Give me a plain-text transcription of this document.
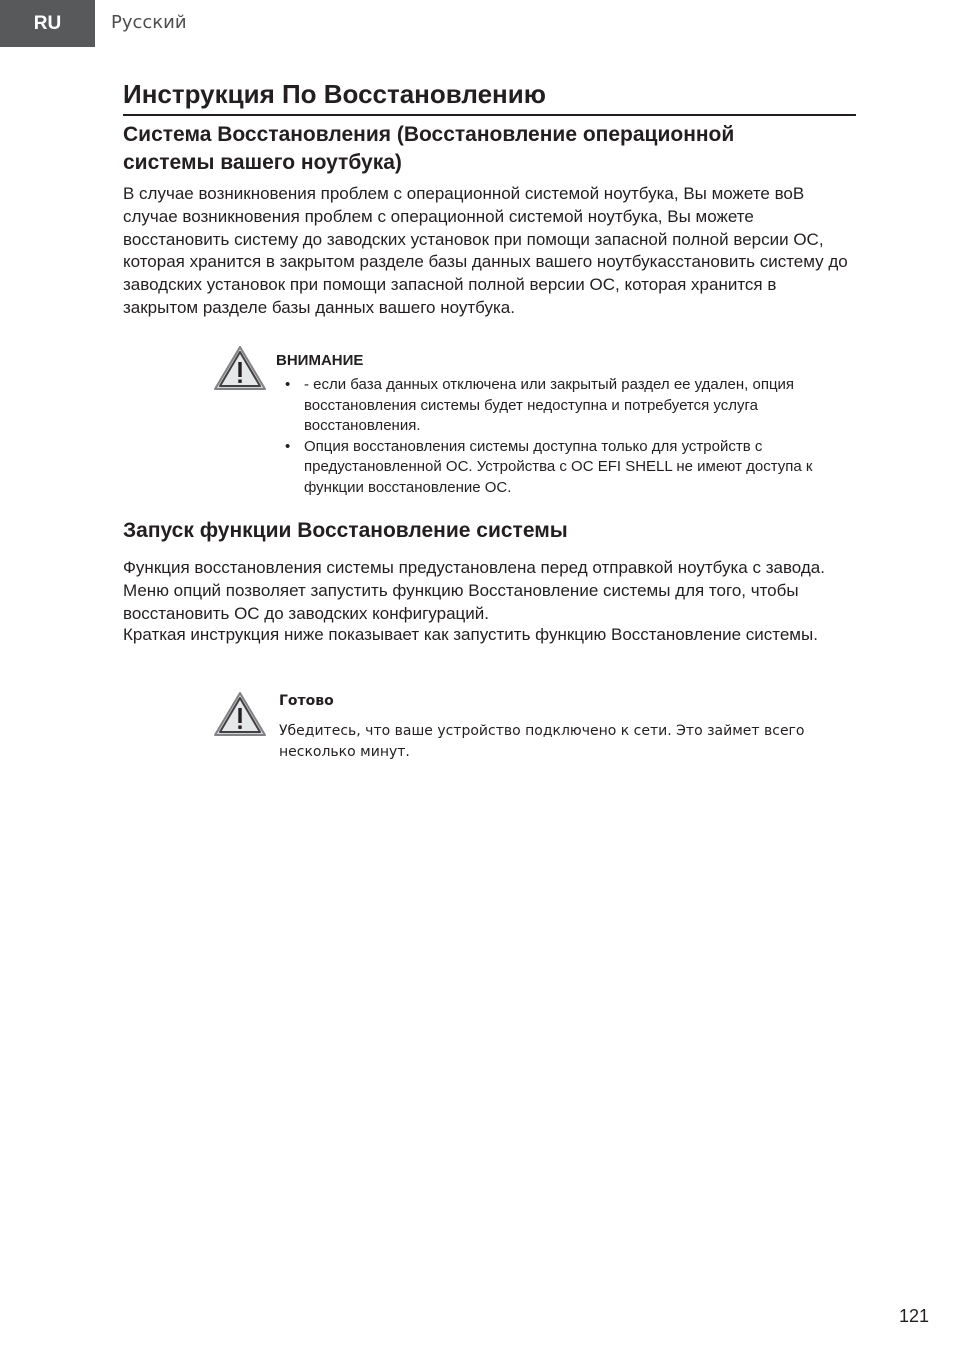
RU	Русский
Инструкция По Восстановлению
Система Восстановления (Восстановление операционной системы вашего ноутбука)

В случае возникновения проблем с операционной системой ноутбука, Вы можете воВ случае возникновения проблем с операционной системой ноутбука, Вы можете восстановить систему до заводских установок при помощи запасной полной версии ОС, которая хранится в закрытом разделе базы данных вашего ноутбукасстановить систему до заводских установок при помощи запасной полной версии ОС, которая хранится в закрытом разделе базы данных вашего ноутбука.

ВНИМАНИЕ
• - если база данных отключена или закрытый раздел ее удален, опция восстановления системы будет недоступна и потребуется услуга восстановления.
• Опция восстановления системы доступна только для устройств с предустановленной ОС. Устройства с ОС EFI SHELL не имеют доступа к функции восстановление ОС.
Запуск функции Восстановление системы

Функция восстановления системы предустановлена перед отправкой ноутбука с завода. Меню опций позволяет запустить функцию Восстановление системы для того, чтобы восстановить ОС до заводских конфигураций.

Краткая инструкция ниже показывает как запустить функцию Восстановление системы.

Готово

Убедитесь, что ваше устройство подключено к сети. Это займет всего несколько минут.

121
